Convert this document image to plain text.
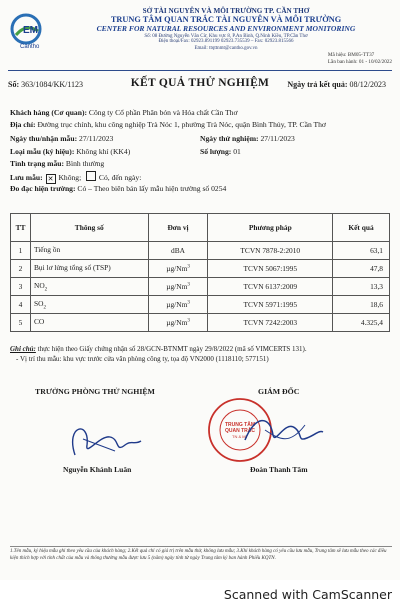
EM
Cantho
SỞ TÀI NGUYÊN VÀ MÔI TRƯỜNG TP. CẦN THƠ
TRUNG TÂM QUAN TRẮC TÀI NGUYÊN VÀ MÔI TRƯỜNG
CENTER FOR NATURAL RESOURCES AND ENVIRONMENT MONITORING
Số: 08 Đường Nguyễn Văn Cừ, Khu vực 8, P.An Bình, Q.Ninh Kiều, TP.Cần Thơ
Điện thoại/Fax: 02923.891199 02923.735539 – Fax: 02923.815566
Email: ttqttnmt@cantho.gov.vn
Mã hiệu: BM05-TT37
Lần ban hành: 01 - 10/02/2022
Số: 363/1084/KK/1123	KẾT QUẢ THỬ NGHIỆM	Ngày trả kết quả: 08/12/2023
Khách hàng (Cơ quan): Công ty Cổ phần Phân bón và Hóa chất Cần Thơ
Địa chỉ: Đường trục chính, khu công nghiệp Trà Nóc 1, phường Trà Nóc, quận Bình Thủy, TP. Cần Thơ
Ngày thu/nhận mẫu: 27/11/2023	Ngày thử nghiệm: 27/11/2023
Loại mẫu (ký hiệu): Không khí (KK4)	Số lượng: 01
Tình trạng mẫu: Bình thường
Lưu mẫu: ✕ Không; Có, đến ngày:
Đo đạc hiện trường: Có – Theo biên bản lấy mẫu hiện trường số 0254
TT	Thông số	Đơn vị	Phương pháp	Kết quả
1	Tiếng ồn	dBA	TCVN 7878-2:2010	63,1
2	Bụi lơ lửng tổng số (TSP)	µg/Nm$^3$	TCVN 5067:1995	47,8
3	$NO_2$	µg/Nm$^3$	TCVN 6137:2009	13,3
4	$SO_2$	µg/Nm$^3$	TCVN 5971:1995	18,6
5	CO	µg/Nm$^3$	TCVN 7242:2003	4.325,4
Ghi chú: thực hiện theo Giấy chứng nhận số 28/GCN-BTNMT ngày 29/8/2022 (mã số VIMCERTS 131).
- Vị trí thu mẫu: khu vực trước cửa văn phòng công ty, tọa độ VN2000 (1118110; 577151)
TRƯỞNG PHÒNG THỬ NGHIỆM	GIÁM ĐỐC
TRUNG TÂM
QUAN TRẮC
TN & MT
Nguyễn Khánh Luân	Đoàn Thanh Tâm
1.Tên mẫu, ký hiệu mẫu ghi theo yêu cầu của khách hàng; 2.Kết quả chỉ có giá trị trên mẫu thử, không lưu mẫu; 3.Khi khách hàng có yêu cầu lưu mẫu, Trung tâm sẽ lưu mẫu theo các điều kiện thích hợp với tính chất của mẫu và thông thường mẫu được lưu 5 (năm) ngày tính từ ngày Trung tâm ký ban hành Phiếu KQTN.
Scanned with CamScanner
